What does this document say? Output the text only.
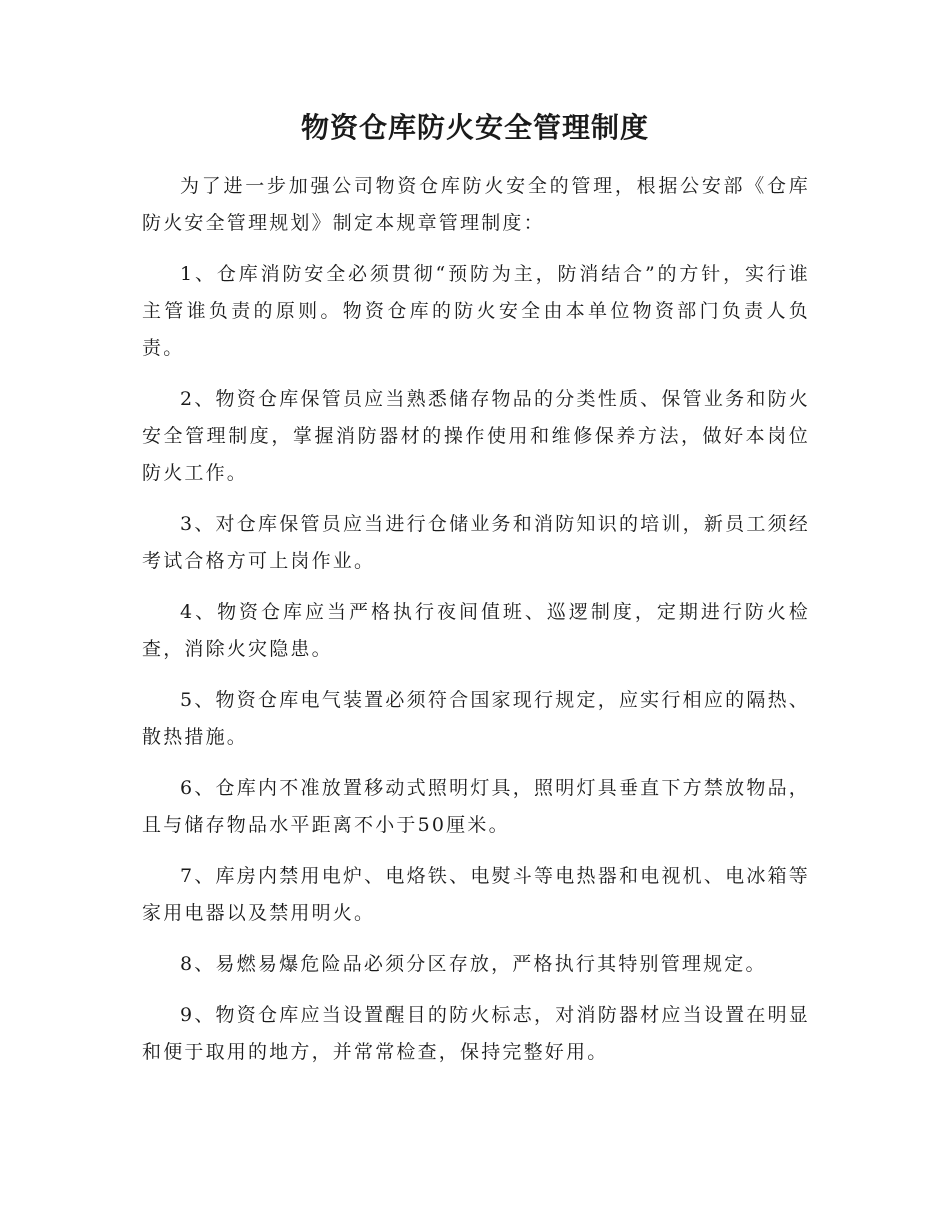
物资仓库防火安全管理制度

为了进一步加强公司物资仓库防火安全的管理，根据公安部《仓库防火安全管理规划》制定本规章管理制度：

1、仓库消防安全必须贯彻“预防为主，防消结合”的方针，实行谁主管谁负责的原则。物资仓库的防火安全由本单位物资部门负责人负责。

2、物资仓库保管员应当熟悉储存物品的分类性质、保管业务和防火安全管理制度，掌握消防器材的操作使用和维修保养方法，做好本岗位防火工作。

3、对仓库保管员应当进行仓储业务和消防知识的培训，新员工须经考试合格方可上岗作业。

4、物资仓库应当严格执行夜间值班、巡逻制度，定期进行防火检查，消除火灾隐患。

5、物资仓库电气装置必须符合国家现行规定，应实行相应的隔热、散热措施。

6、仓库内不准放置移动式照明灯具，照明灯具垂直下方禁放物品，且与储存物品水平距离不小于50厘米。

7、库房内禁用电炉、电烙铁、电熨斗等电热器和电视机、电冰箱等家用电器以及禁用明火。

8、易燃易爆危险品必须分区存放，严格执行其特别管理规定。

9、物资仓库应当设置醒目的防火标志，对消防器材应当设置在明显和便于取用的地方，并常常检查，保持完整好用。
